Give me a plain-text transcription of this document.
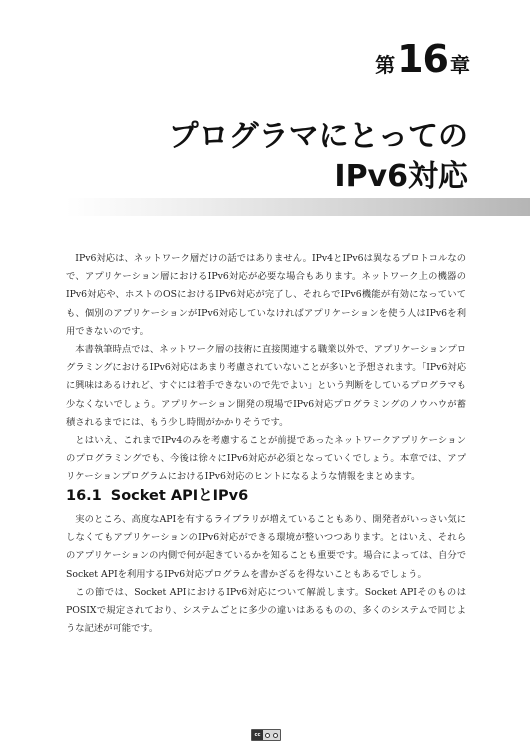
第 16 章
プログラマにとっての
IPv6対応

IPv6対応は、ネットワーク層だけの話ではありません。IPv4とIPv6は異なるプロトコルなので、アプリケーション層におけるIPv6対応が必要な場合もあります。ネットワーク上の機器のIPv6対応や、ホストのOSにおけるIPv6対応が完了し、それらでIPv6機能が有効になっていても、個別のアプリケーションがIPv6対応していなければアプリケーションを使う人はIPv6を利用できないのです。

本書執筆時点では、ネットワーク層の技術に直接関連する職業以外で、アプリケーションプログラミングにおけるIPv6対応はあまり考慮されていないことが多いと予想されます。「IPv6対応に興味はあるけれど、すぐには着手できないので先でよい」という判断をしているプログラマも少なくないでしょう。アプリケーション開発の現場でIPv6対応プログラミングのノウハウが蓄積されるまでには、もう少し時間がかかりそうです。

とはいえ、これまでIPv4のみを考慮することが前提であったネットワークアプリケーションのプログラミングでも、今後は徐々にIPv6対応が必須となっていくでしょう。本章では、アプリケーションプログラムにおけるIPv6対応のヒントになるような情報をまとめます。

16.1 Socket APIとIPv6

実のところ、高度なAPIを有するライブラリが増えていることもあり、開発者がいっさい気にしなくてもアプリケーションのIPv6対応ができる環境が整いつつあります。とはいえ、それらのアプリケーションの内側で何が起きているかを知ることも重要です。場合によっては、自分でSocket APIを利用するIPv6対応プログラムを書かざるを得ないこともあるでしょう。

この節では、Socket APIにおけるIPv6対応について解説します。Socket APIそのものはPOSIXで規定されており、システムごとに多少の違いはあるものの、多くのシステムで同じような記述が可能です。

cc
